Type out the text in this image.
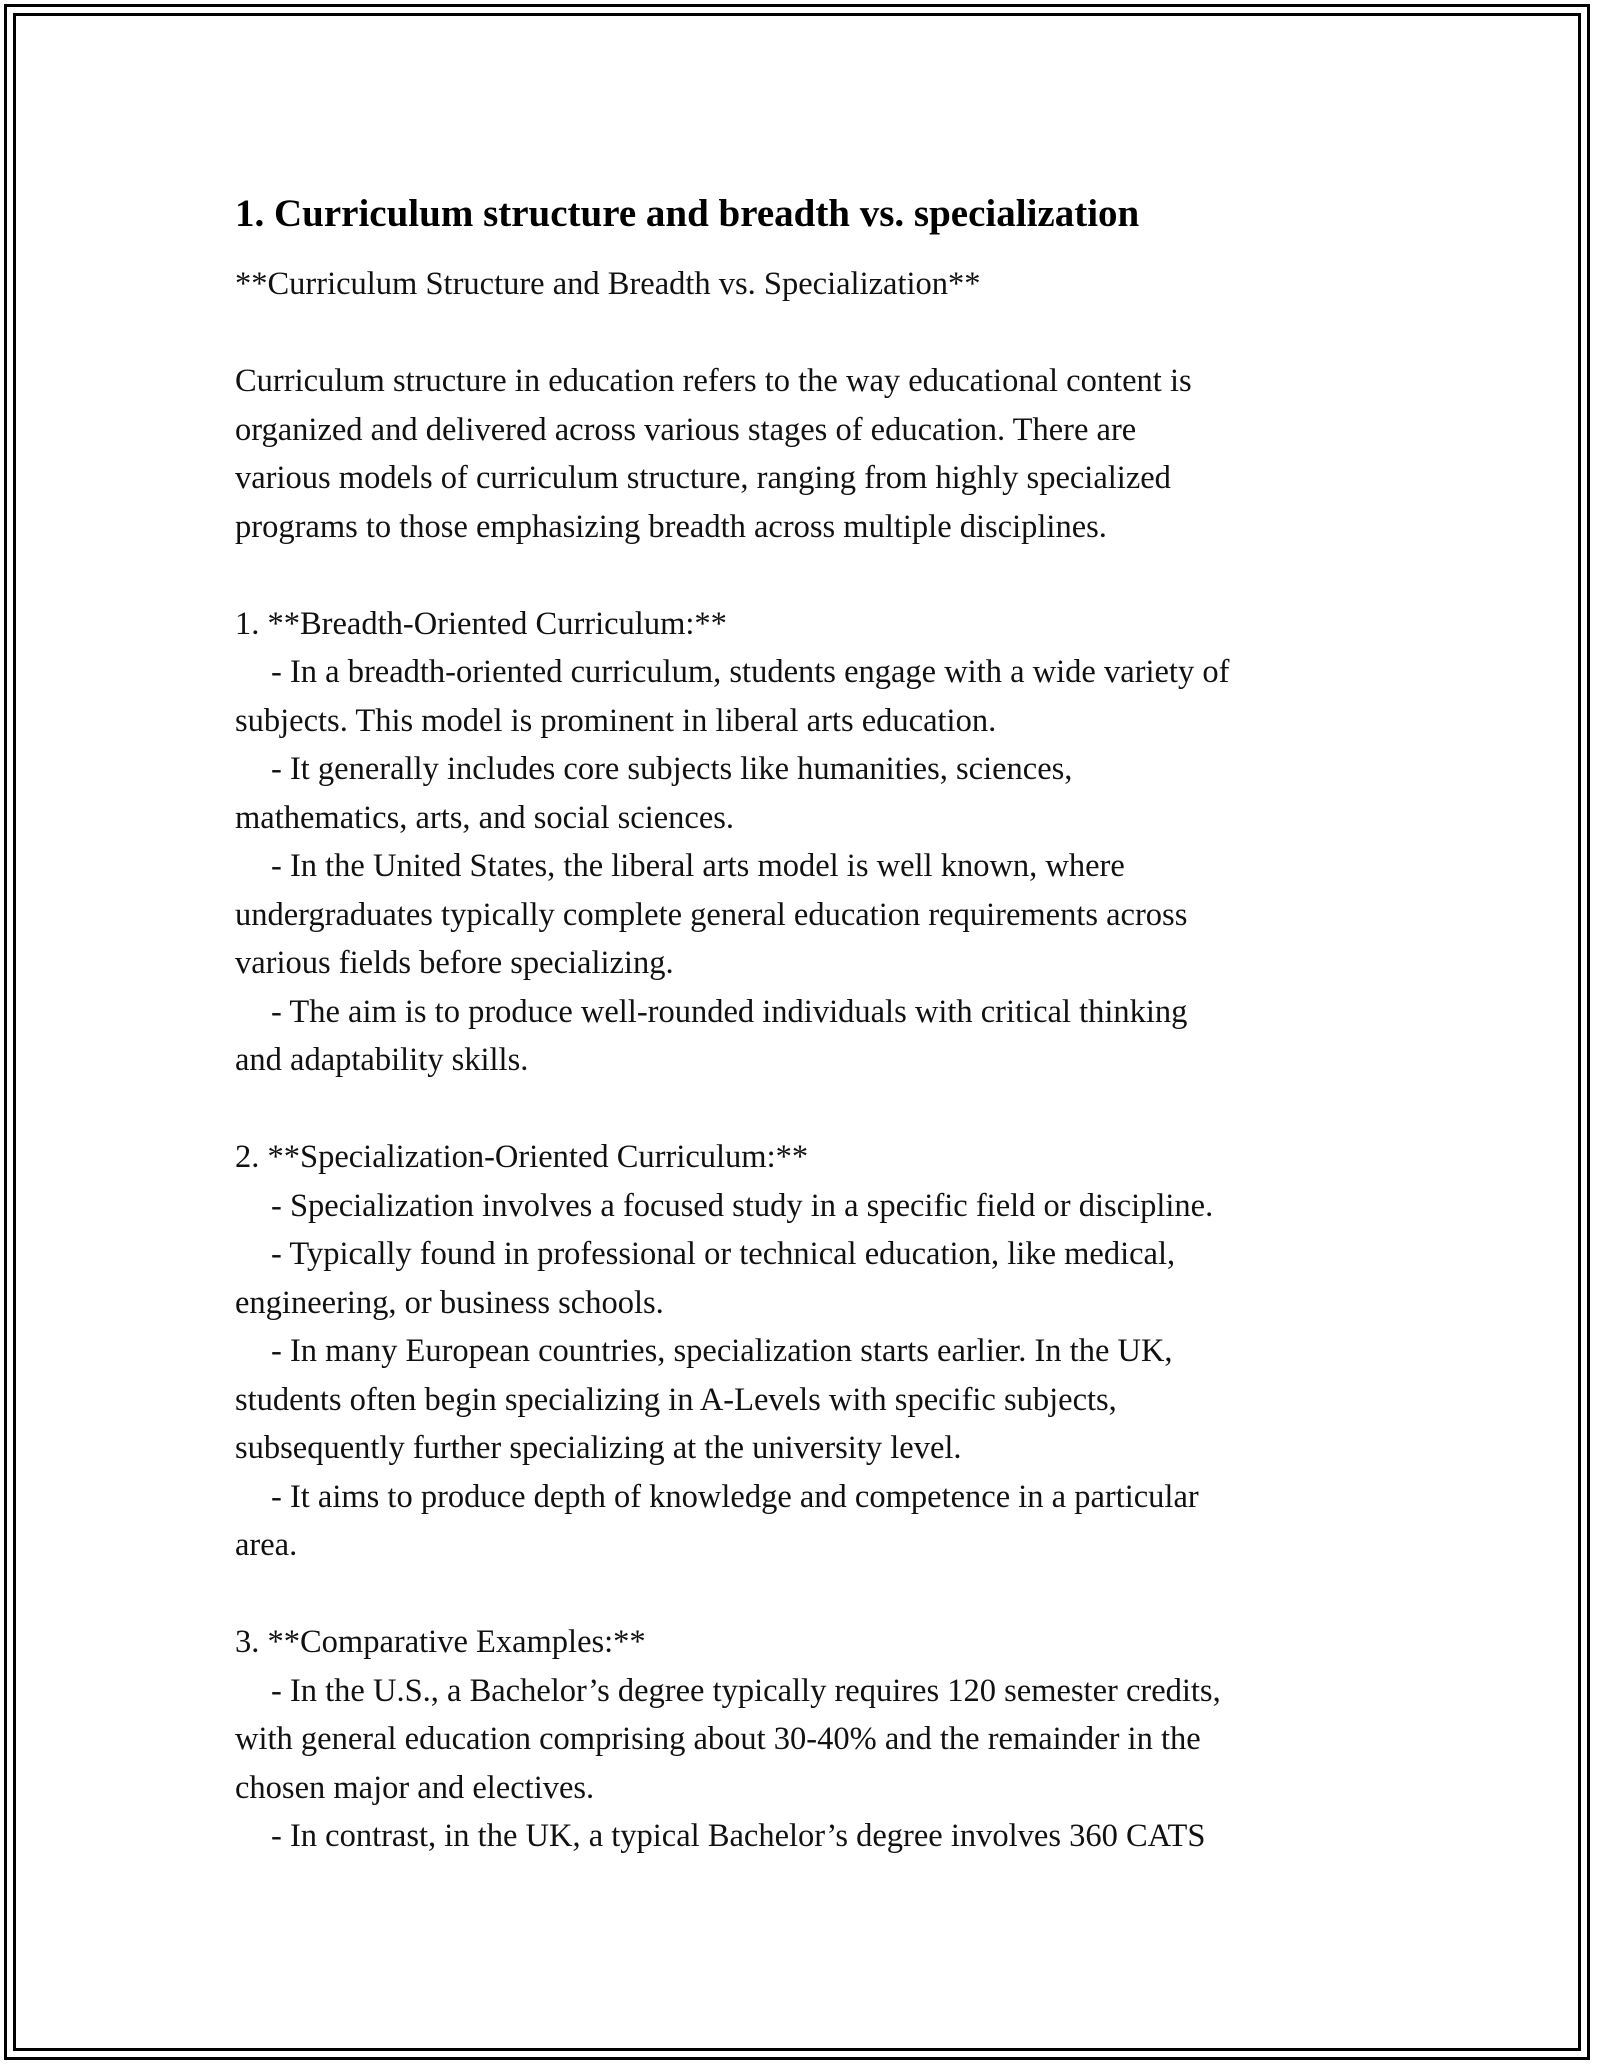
1. Curriculum structure and breadth vs. specialization

**Curriculum Structure and Breadth vs. Specialization**

Curriculum structure in education refers to the way educational content is

organized and delivered across various stages of education. There are

various models of curriculum structure, ranging from highly specialized

programs to those emphasizing breadth across multiple disciplines.

1. **Breadth-Oriented Curriculum:**

- In a breadth-oriented curriculum, students engage with a wide variety of

subjects. This model is prominent in liberal arts education.

- It generally includes core subjects like humanities, sciences,

mathematics, arts, and social sciences.

- In the United States, the liberal arts model is well known, where

undergraduates typically complete general education requirements across

various fields before specializing.

- The aim is to produce well-rounded individuals with critical thinking

and adaptability skills.

2. **Specialization-Oriented Curriculum:**

- Specialization involves a focused study in a specific field or discipline.

- Typically found in professional or technical education, like medical,

engineering, or business schools.

- In many European countries, specialization starts earlier. In the UK,

students often begin specializing in A-Levels with specific subjects,

subsequently further specializing at the university level.

- It aims to produce depth of knowledge and competence in a particular

area.

3. **Comparative Examples:**

- In the U.S., a Bachelor’s degree typically requires 120 semester credits,

with general education comprising about 30-40% and the remainder in the

chosen major and electives.

- In contrast, in the UK, a typical Bachelor’s degree involves 360 CATS
